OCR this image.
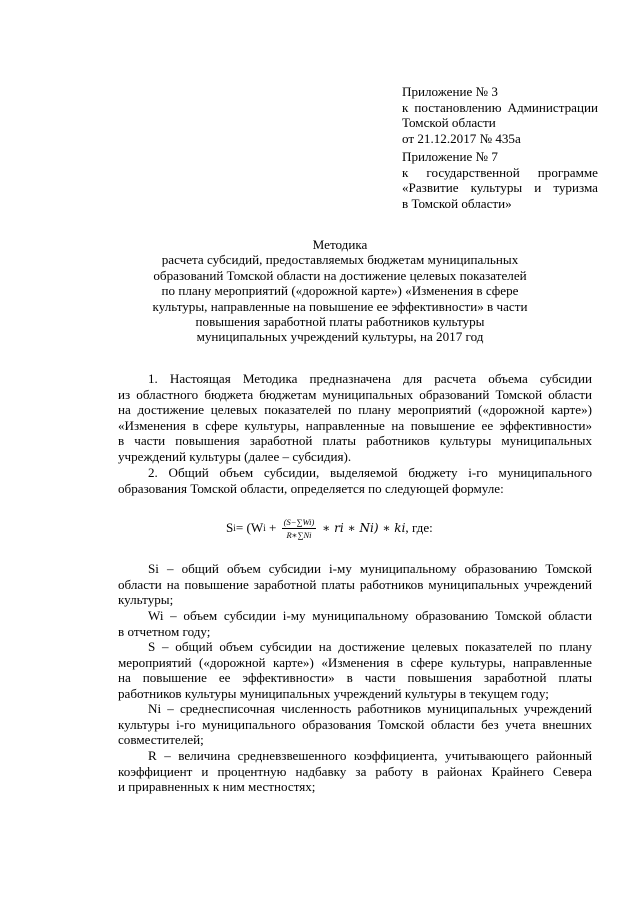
Приложение № 3
к постановлению Администрации
Томской области
от 21.12.2017 № 435а
Приложение № 7
к государственной программе
«Развитие культуры и туризма
в Томской области»
Методика
расчета субсидий, предоставляемых бюджетам муниципальных
образований Томской области на достижение целевых показателей
по плану мероприятий («дорожной карте») «Изменения в сфере
культуры, направленные на повышение ее эффективности» в части
повышения заработной платы работников культуры
муниципальных учреждений культуры, на 2017 год
1. Настоящая Методика предназначена для расчета объема субсидии
из областного бюджета бюджетам муниципальных образований Томской области
на достижение целевых показателей по плану мероприятий («дорожной карте»)
«Изменения в сфере культуры, направленные на повышение ее эффективности»
в части повышения заработной платы работников культуры муниципальных
учреждений культуры (далее – субсидия).
2. Общий объем субсидии, выделяемой бюджету i-го муниципального
образования Томской области, определяется по следующей формуле:
S i = (W $i + \frac{(S-\sum Wi)}{R∗\sum Ni}$ ∗ ri ∗ Ni ) ∗ ki , где:
Si – общий объем субсидии i-му муниципальному образованию Томской
области на повышение заработной платы работников муниципальных учреждений
культуры;
Wi – объем субсидии i-му муниципальному образованию Томской области
в отчетном году;
S – общий объем субсидии на достижение целевых показателей по плану
мероприятий («дорожной карте») «Изменения в сфере культуры, направленные
на повышение ее эффективности» в части повышения заработной платы
работников культуры муниципальных учреждений культуры в текущем году;
Ni – среднесписочная численность работников муниципальных учреждений
культуры i-го муниципального образования Томской области без учета внешних
совместителей;
R – величина средневзвешенного коэффициента, учитывающего районный
коэффициент и процентную надбавку за работу в районах Крайнего Севера
и приравненных к ним местностях;
